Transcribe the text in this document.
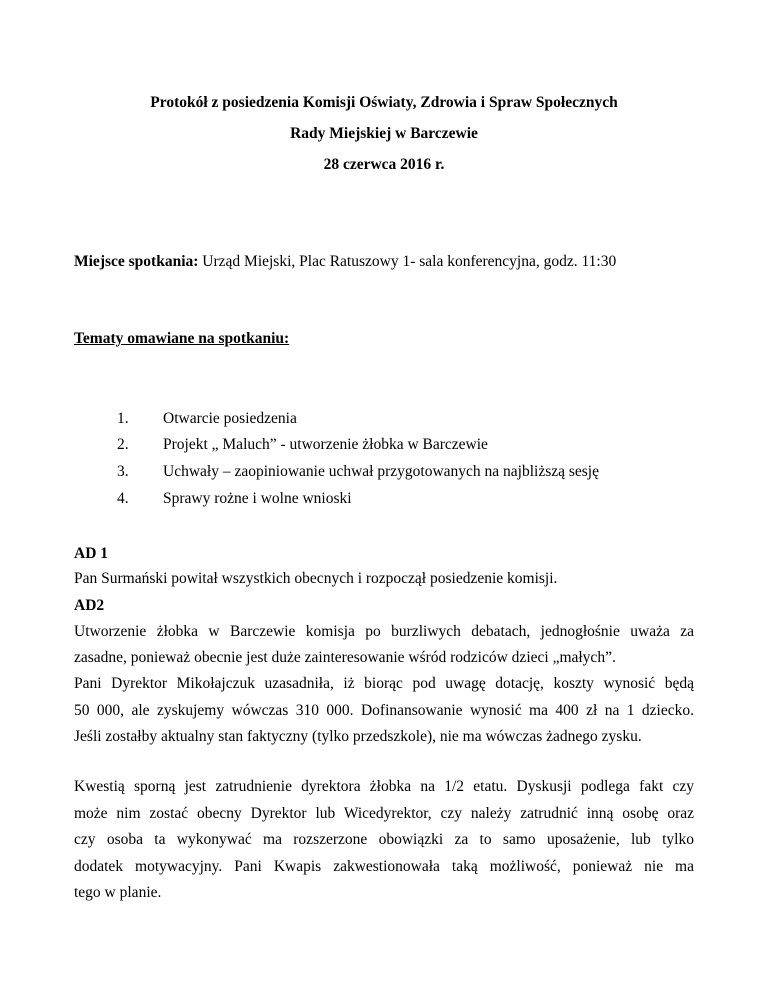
Protokół z posiedzenia Komisji Oświaty, Zdrowia i Spraw Społecznych
Rady Miejskiej w Barczewie
28 czerwca 2016 r.
Miejsce spotkania: Urząd Miejski, Plac Ratuszowy 1- sala konferencyjna, godz. 11:30
Tematy omawiane na spotkaniu:
1. Otwarcie posiedzenia
2. Projekt „ Maluch” - utworzenie żłobka w Barczewie
3. Uchwały – zaopiniowanie uchwał przygotowanych na najbliższą sesję
4. Sprawy rożne i wolne wnioski
AD 1
Pan Surmański powitał wszystkich obecnych i rozpoczął posiedzenie komisji.
AD2
Utworzenie żłobka w Barczewie komisja po burzliwych debatach, jednogłośnie uważa za
zasadne, ponieważ obecnie jest duże zainteresowanie wśród rodziców dzieci „małych”.
Pani Dyrektor Mikołajczuk uzasadniła, iż biorąc pod uwagę dotację, koszty wynosić będą
50 000, ale zyskujemy wówczas 310 000. Dofinansowanie wynosić ma 400 zł na 1 dziecko.
Jeśli zostałby aktualny stan faktyczny (tylko przedszkole), nie ma wówczas żadnego zysku.
Kwestią sporną jest zatrudnienie dyrektora żłobka na 1/2 etatu. Dyskusji podlega fakt czy
może nim zostać obecny Dyrektor lub Wicedyrektor, czy należy zatrudnić inną osobę oraz
czy osoba ta wykonywać ma rozszerzone obowiązki za to samo uposażenie, lub tylko
dodatek motywacyjny. Pani Kwapis zakwestionowała taką możliwość, ponieważ nie ma
tego w planie.
